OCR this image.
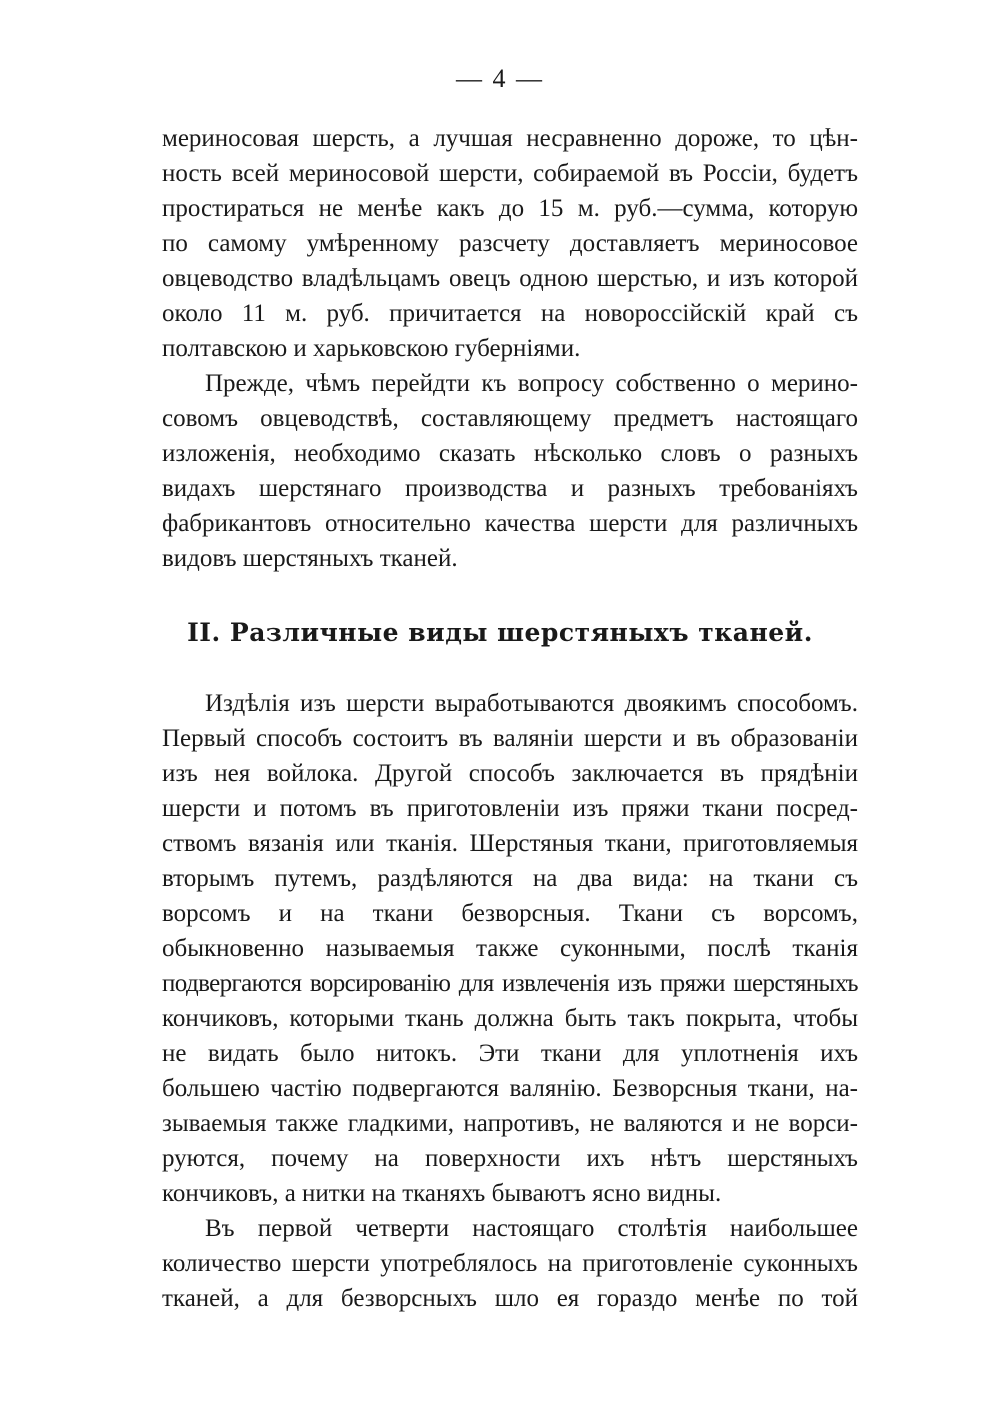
— 4 —
мериносовая шерсть, а лучшая несравненно дороже, то цѣн-
ность всей мериносовой шерсти, собираемой въ Россіи, будетъ
простираться не менѣе какъ до 15 м. руб.—сумма, которую
по самому умѣренному разсчету доставляетъ мериносовое
овцеводство владѣльцамъ овецъ одною шерстью, и изъ которой
около 11 м. руб. причитается на новороссійскій край съ
полтавскою и харьковскою губерніями.
Прежде, чѣмъ перейдти къ вопросу собственно о мерино-
совомъ овцеводствѣ, составляющему предметъ настоящаго
изложенія, необходимо сказать нѣсколько словъ о разныхъ
видахъ шерстянаго производства и разныхъ требованіяхъ
фабрикантовъ относительно качества шерсти для различныхъ
видовъ шерстяныхъ тканей.
II. Различные виды шерстяныхъ тканей.
Издѣлія изъ шерсти выработываются двоякимъ способомъ.
Первый способъ состоитъ въ валяніи шерсти и въ образованіи
изъ нея войлока. Другой способъ заключается въ прядѣніи
шерсти и потомъ въ приготовленіи изъ пряжи ткани посред-
ствомъ вязанія или тканія. Шерстяныя ткани, приготовляемыя
вторымъ путемъ, раздѣляются на два вида: на ткани съ
ворсомъ и на ткани безворсныя. Ткани съ ворсомъ,
обыкновенно называемыя также суконными, послѣ тканія
подвергаются ворсированію для извлеченія изъ пряжи шерстяныхъ
кончиковъ, которыми ткань должна быть такъ покрыта, чтобы
не видать было нитокъ. Эти ткани для уплотненія ихъ
большею частію подвергаются валянію. Безворсныя ткани, на-
зываемыя также гладкими, напротивъ, не валяются и не ворси-
руются, почему на поверхности ихъ нѣтъ шерстяныхъ
кончиковъ, а нитки на тканяхъ бываютъ ясно видны.
Въ первой четверти настоящаго столѣтія наибольшее
количество шерсти употреблялось на приготовленіе суконныхъ
тканей, а для безворсныхъ шло ея гораздо менѣе по той
